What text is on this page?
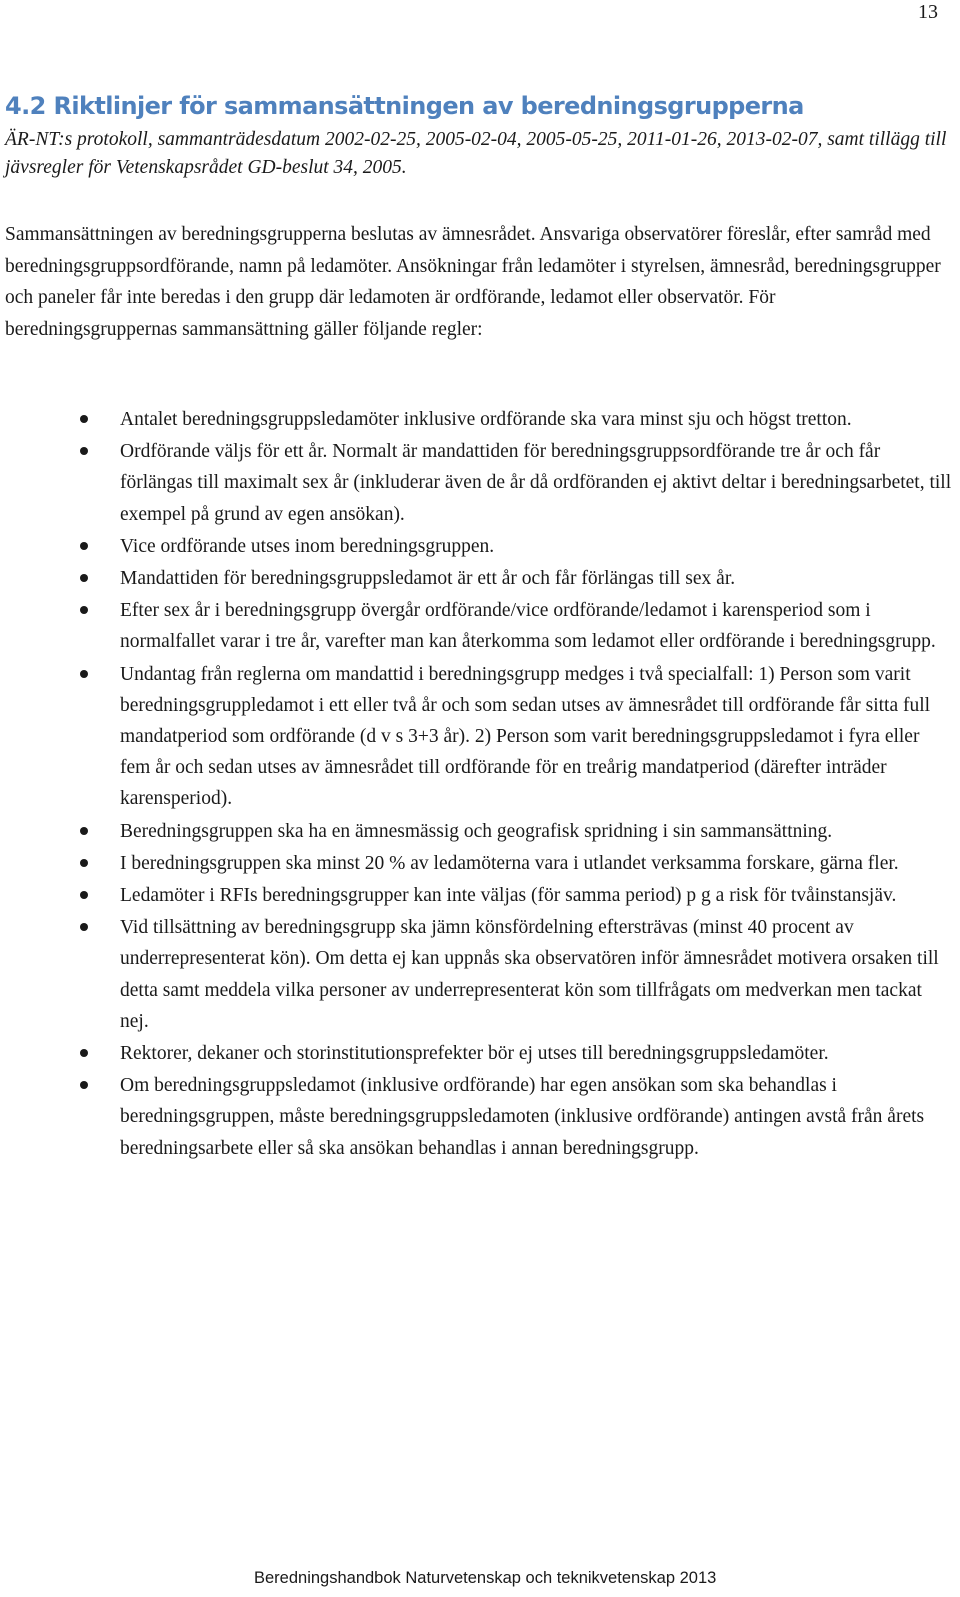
13
4.2 Riktlinjer för sammansättningen av beredningsgrupperna

ÄR-NT:s protokoll, sammanträdesdatum 2002-02-25, 2005-02-04, 2005-05-25, 2011-01-26, 2013-02-07, samt tillägg till jävsregler för Vetenskapsrådet GD-beslut 34, 2005.

Sammansättningen av beredningsgrupperna beslutas av ämnesrådet. Ansvariga observatörer föreslår, efter samråd med beredningsgruppsordförande, namn på ledamöter. Ansökningar från ledamöter i styrelsen, ämnesråd, beredningsgrupper och paneler får inte beredas i den grupp där ledamoten är ordförande, ledamot eller observatör. För beredningsgruppernas sammansättning gäller följande regler:

Antalet beredningsgruppsledamöter inklusive ordförande ska vara minst sju och högst tretton.
Ordförande väljs för ett år. Normalt är mandattiden för beredningsgruppsordförande tre år och får förlängas till maximalt sex år (inkluderar även de år då ordföranden ej aktivt deltar i beredningsarbetet, till exempel på grund av egen ansökan).
Vice ordförande utses inom beredningsgruppen.
Mandattiden för beredningsgruppsledamot är ett år och får förlängas till sex år.
Efter sex år i beredningsgrupp övergår ordförande/vice ordförande/ledamot i karensperiod som i normalfallet varar i tre år, varefter man kan återkomma som ledamot eller ordförande i beredningsgrupp.
Undantag från reglerna om mandattid i beredningsgrupp medges i två specialfall: 1) Person som varit beredningsgruppledamot i ett eller två år och som sedan utses av ämnesrådet till ordförande får sitta full mandatperiod som ordförande (d v s 3+3 år). 2) Person som varit beredningsgruppsledamot i fyra eller fem år och sedan utses av ämnesrådet till ordförande för en treårig mandatperiod (därefter inträder karensperiod).
Beredningsgruppen ska ha en ämnesmässig och geografisk spridning i sin sammansättning.
I beredningsgruppen ska minst 20 % av ledamöterna vara i utlandet verksamma forskare, gärna fler.
Ledamöter i RFIs beredningsgrupper kan inte väljas (för samma period) p g a risk för tvåinstansjäv.
Vid tillsättning av beredningsgrupp ska jämn könsfördelning eftersträvas (minst 40 procent av underrepresenterat kön). Om detta ej kan uppnås ska observatören inför ämnesrådet motivera orsaken till detta samt meddela vilka personer av underrepresenterat kön som tillfrågats om medverkan men tackat nej.
Rektorer, dekaner och storinstitutionsprefekter bör ej utses till beredningsgruppsledamöter.
Om beredningsgruppsledamot (inklusive ordförande) har egen ansökan som ska behandlas i beredningsgruppen, måste beredningsgruppsledamoten (inklusive ordförande) antingen avstå från årets beredningsarbete eller så ska ansökan behandlas i annan beredningsgrupp.
Beredningshandbok Naturvetenskap och teknikvetenskap 2013
